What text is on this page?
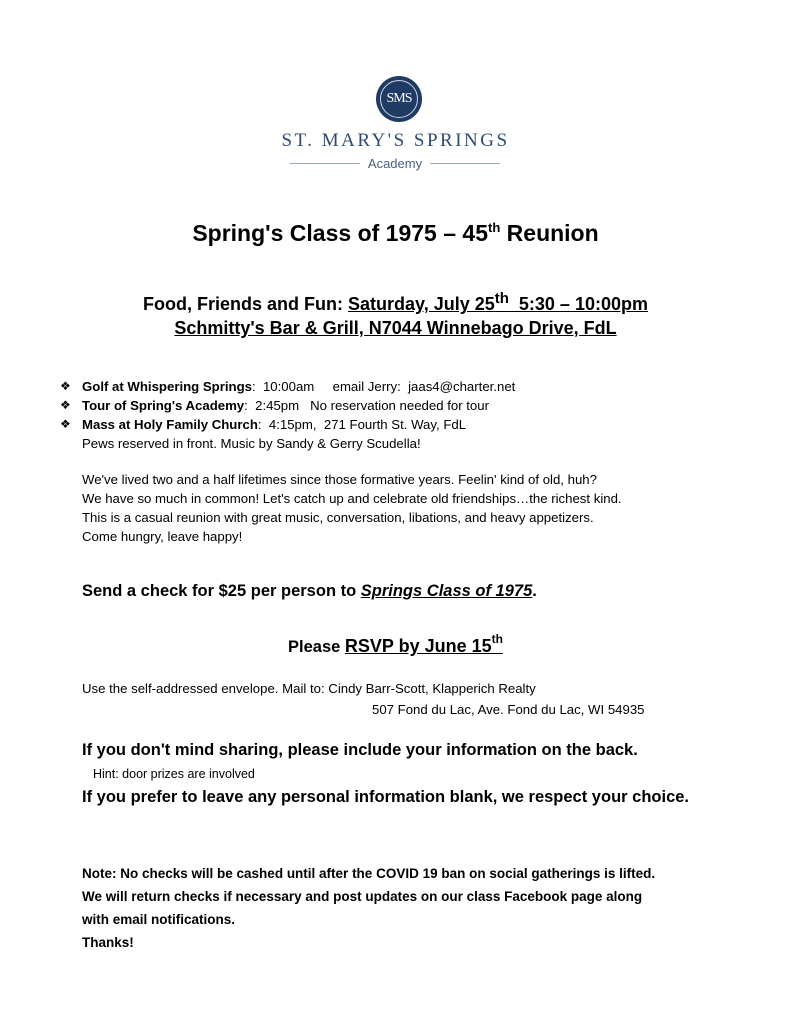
SMS
ST. MARY'S SPRINGS
Academy
Spring's Class of 1975 – 45th Reunion
Food, Friends and Fun: Saturday, July 25th  5:30 – 10:00pm
Schmitty's Bar & Grill, N7044 Winnebago Drive, FdL
❖ Golf at Whispering Springs:  10:00am     email Jerry:  jaas4@charter.net
❖ Tour of Spring's Academy:  2:45pm   No reservation needed for tour
❖ Mass at Holy Family Church:  4:15pm,  271 Fourth St. Way, FdL
Pews reserved in front. Music by Sandy & Gerry Scudella!
We've lived two and a half lifetimes since those formative years. Feelin' kind of old, huh?
We have so much in common! Let's catch up and celebrate old friendships…the richest kind.
This is a casual reunion with great music, conversation, libations, and heavy appetizers.
Come hungry, leave happy!
Send a check for $25 per person to Springs Class of 1975.
Please RSVP by June 15th
Use the self-addressed envelope. Mail to: Cindy Barr-Scott, Klapperich Realty
507 Fond du Lac, Ave. Fond du Lac, WI 54935
If you don't mind sharing, please include your information on the back.
Hint: door prizes are involved
If you prefer to leave any personal information blank, we respect your choice.
Note: No checks will be cashed until after the COVID 19 ban on social gatherings is lifted.
We will return checks if necessary and post updates on our class Facebook page along
with email notifications.
Thanks!
